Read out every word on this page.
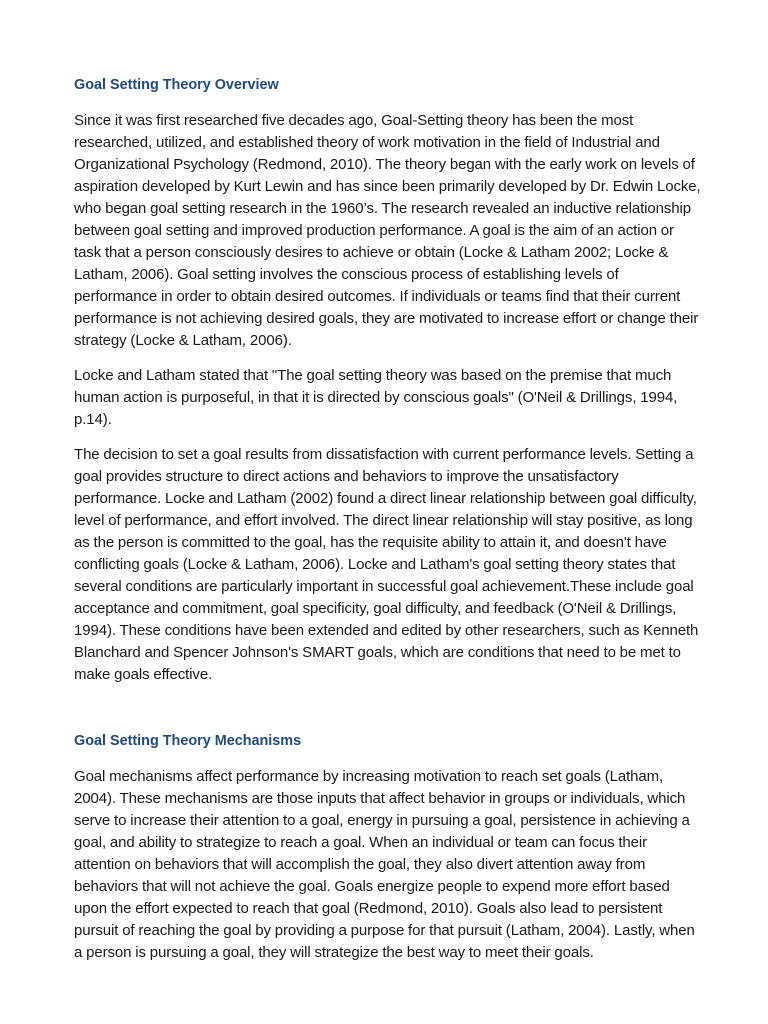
Goal Setting Theory Overview

Since it was first researched five decades ago, Goal-Setting theory has been the most researched, utilized, and established theory of work motivation in the field of Industrial and Organizational Psychology (Redmond, 2010). The theory began with the early work on levels of aspiration developed by Kurt Lewin and has since been primarily developed by Dr. Edwin Locke, who began goal setting research in the 1960’s. The research revealed an inductive relationship between goal setting and improved production performance. A goal is the aim of an action or task that a person consciously desires to achieve or obtain (Locke & Latham 2002; Locke & Latham, 2006). Goal setting involves the conscious process of establishing levels of performance in order to obtain desired outcomes. If individuals or teams find that their current performance is not achieving desired goals, they are motivated to increase effort or change their strategy (Locke & Latham, 2006).

Locke and Latham stated that "The goal setting theory was based on the premise that much human action is purposeful, in that it is directed by conscious goals" (O'Neil & Drillings, 1994, p.14).

The decision to set a goal results from dissatisfaction with current performance levels. Setting a goal provides structure to direct actions and behaviors to improve the unsatisfactory performance. Locke and Latham (2002) found a direct linear relationship between goal difficulty, level of performance, and effort involved. The direct linear relationship will stay positive, as long as the person is committed to the goal, has the requisite ability to attain it, and doesn't have conflicting goals (Locke & Latham, 2006). Locke and Latham's goal setting theory states that several conditions are particularly important in successful goal achievement.These include goal acceptance and commitment, goal specificity, goal difficulty, and feedback (O'Neil & Drillings, 1994). These conditions have been extended and edited by other researchers, such as Kenneth Blanchard and Spencer Johnson's SMART goals, which are conditions that need to be met to make goals effective.

Goal Setting Theory Mechanisms

Goal mechanisms affect performance by increasing motivation to reach set goals (Latham, 2004). These mechanisms are those inputs that affect behavior in groups or individuals, which serve to increase their attention to a goal, energy in pursuing a goal, persistence in achieving a goal, and ability to strategize to reach a goal. When an individual or team can focus their attention on behaviors that will accomplish the goal, they also divert attention away from behaviors that will not achieve the goal. Goals energize people to expend more effort based upon the effort expected to reach that goal (Redmond, 2010). Goals also lead to persistent pursuit of reaching the goal by providing a purpose for that pursuit (Latham, 2004). Lastly, when a person is pursuing a goal, they will strategize the best way to meet their goals.
